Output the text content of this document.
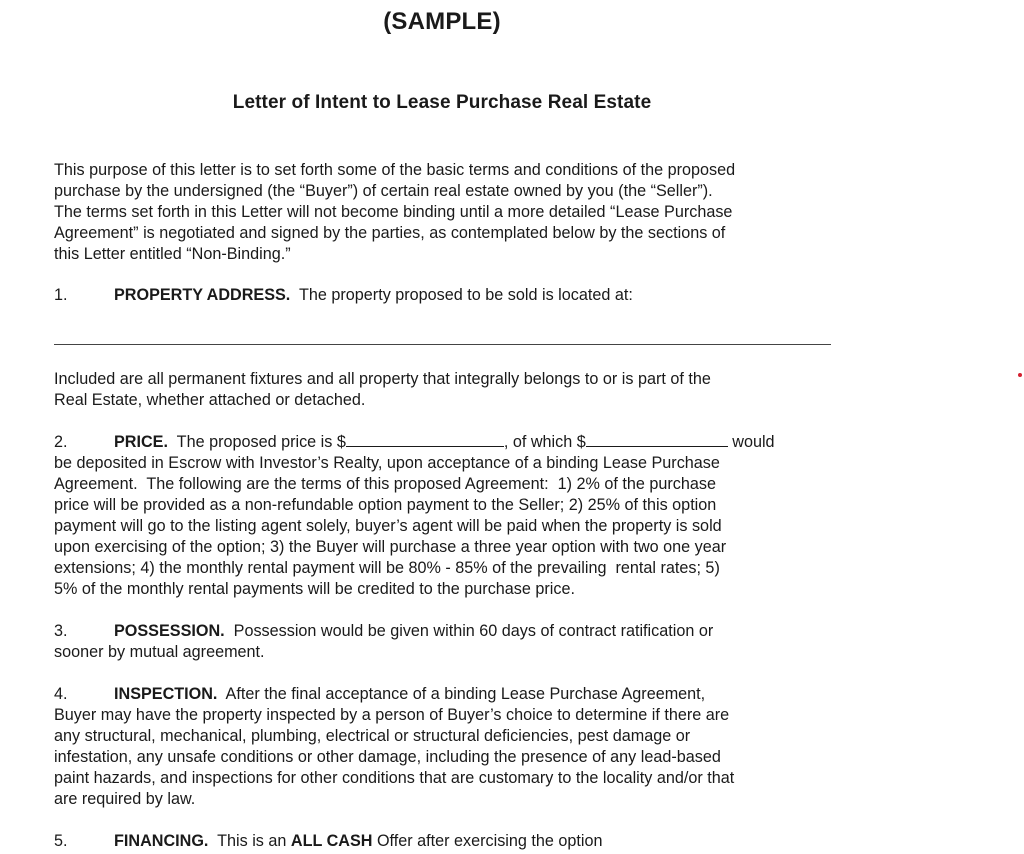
(SAMPLE)
Letter of Intent to Lease Purchase Real Estate
This purpose of this letter is to set forth some of the basic terms and conditions of the proposed
purchase by the undersigned (the “Buyer”) of certain real estate owned by you (the “Seller”).
The terms set forth in this Letter will not become binding until a more detailed “Lease Purchase
Agreement” is negotiated and signed by the parties, as contemplated below by the sections of
this Letter entitled “Non-Binding.”
1.	PROPERTY ADDRESS.  The property proposed to be sold is located at:
Included are all permanent fixtures and all property that integrally belongs to or is part of the
Real Estate, whether attached or detached.
2.	PRICE.  The proposed price is $	, of which $	would
be deposited in Escrow with Investor’s Realty, upon acceptance of a binding Lease Purchase
Agreement.  The following are the terms of this proposed Agreement:  1) 2% of the purchase
price will be provided as a non-refundable option payment to the Seller; 2) 25% of this option
payment will go to the listing agent solely, buyer’s agent will be paid when the property is sold
upon exercising of the option; 3) the Buyer will purchase a three year option with two one year
extensions; 4) the monthly rental payment will be 80% - 85% of the prevailing  rental rates; 5)
5% of the monthly rental payments will be credited to the purchase price.
3.	POSSESSION.  Possession would be given within 60 days of contract ratification or
sooner by mutual agreement.
4.	INSPECTION.  After the final acceptance of a binding Lease Purchase Agreement,
Buyer may have the property inspected by a person of Buyer’s choice to determine if there are
any structural, mechanical, plumbing, electrical or structural deficiencies, pest damage or
infestation, any unsafe conditions or other damage, including the presence of any lead-based
paint hazards, and inspections for other conditions that are customary to the locality and/or that
are required by law.
5.	FINANCING.  This is an ALL CASH Offer after exercising the option
